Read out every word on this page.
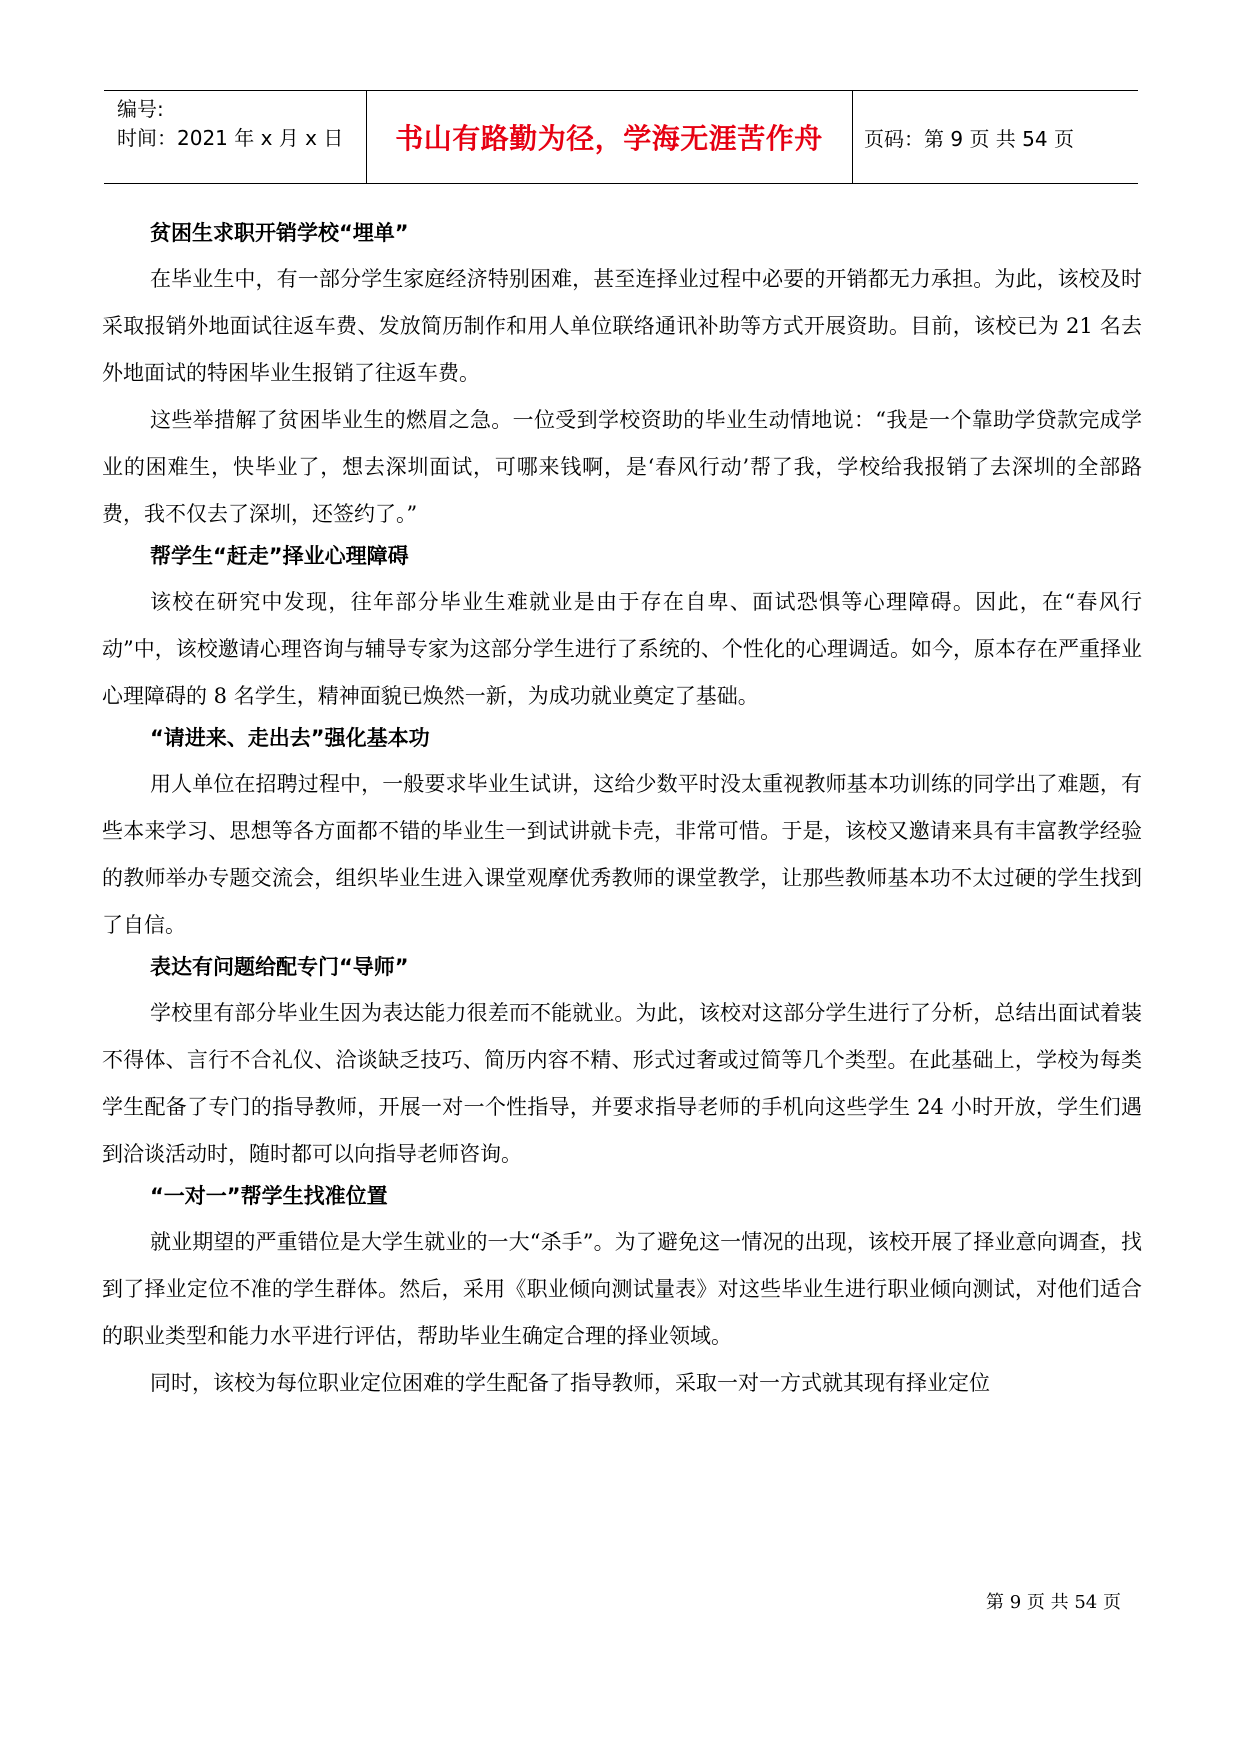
编号:
时间：2021 年 x 月 x 日	书山有路勤为径，学海无涯苦作舟	页码：第 9 页 共 54 页
贫困生求职开销学校“埋单”

在毕业生中，有一部分学生家庭经济特别困难，甚至连择业过程中必要的开销都无力承担。为此，该校及时采取报销外地面试往返车费、发放简历制作和用人单位联络通讯补助等方式开展资助。目前，该校已为 21 名去外地面试的特困毕业生报销了往返车费。

这些举措解了贫困毕业生的燃眉之急。一位受到学校资助的毕业生动情地说：“我是一个靠助学贷款完成学业的困难生，快毕业了，想去深圳面试，可哪来钱啊，是‘春风行动’帮了我，学校给我报销了去深圳的全部路费，我不仅去了深圳，还签约了。”

帮学生“赶走”择业心理障碍

该校在研究中发现，往年部分毕业生难就业是由于存在自卑、面试恐惧等心理障碍。因此，在“春风行动”中，该校邀请心理咨询与辅导专家为这部分学生进行了系统的、个性化的心理调适。如今，原本存在严重择业心理障碍的 8 名学生，精神面貌已焕然一新，为成功就业奠定了基础。

“请进来、走出去”强化基本功

用人单位在招聘过程中，一般要求毕业生试讲，这给少数平时没太重视教师基本功训练的同学出了难题，有些本来学习、思想等各方面都不错的毕业生一到试讲就卡壳，非常可惜。于是，该校又邀请来具有丰富教学经验的教师举办专题交流会，组织毕业生进入课堂观摩优秀教师的课堂教学，让那些教师基本功不太过硬的学生找到了自信。

表达有问题给配专门“导师”

学校里有部分毕业生因为表达能力很差而不能就业。为此，该校对这部分学生进行了分析，总结出面试着装不得体、言行不合礼仪、洽谈缺乏技巧、简历内容不精、形式过奢或过简等几个类型。在此基础上，学校为每类学生配备了专门的指导教师，开展一对一个性指导，并要求指导老师的手机向这些学生 24 小时开放，学生们遇到洽谈活动时，随时都可以向指导老师咨询。

“一对一”帮学生找准位置

就业期望的严重错位是大学生就业的一大“杀手”。为了避免这一情况的出现，该校开展了择业意向调查，找到了择业定位不准的学生群体。然后，采用《职业倾向测试量表》对这些毕业生进行职业倾向测试，对他们适合的职业类型和能力水平进行评估，帮助毕业生确定合理的择业领域。

同时，该校为每位职业定位困难的学生配备了指导教师，采取一对一方式就其现有择业定位

第 9 页 共 54 页
